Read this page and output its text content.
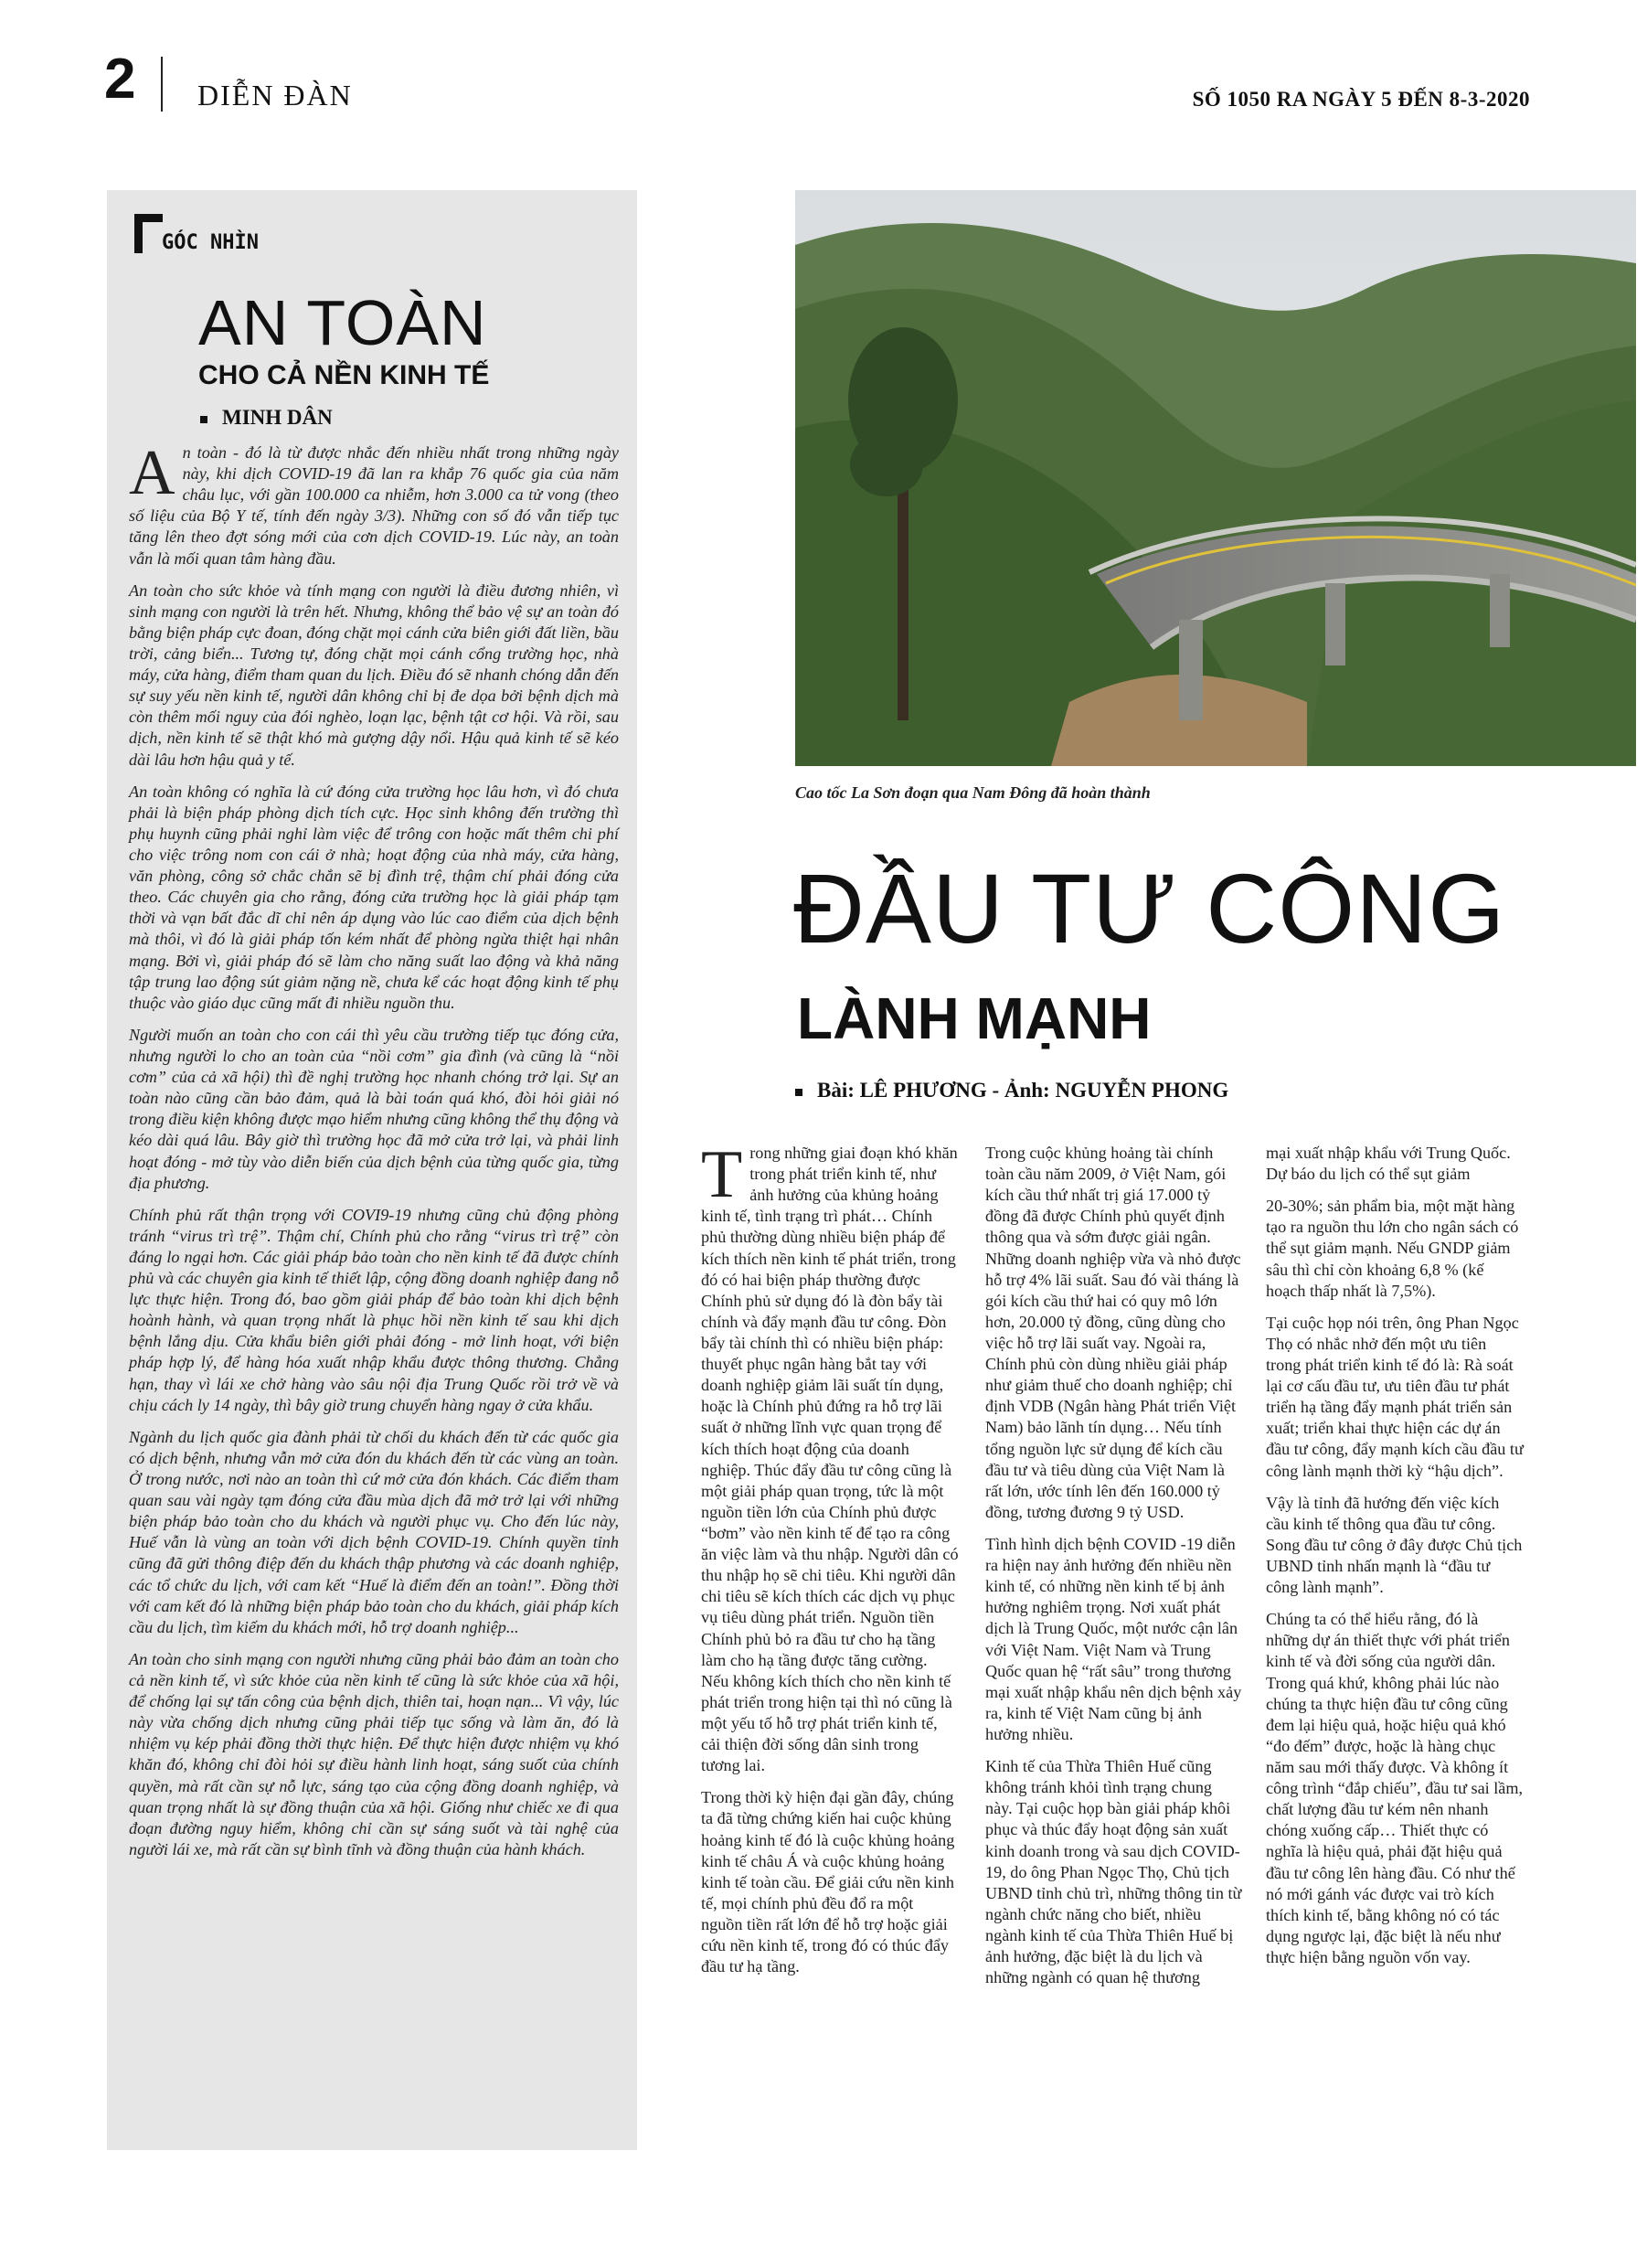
2 DIỄN ĐÀN	SỐ 1050 RA NGÀY 5 ĐẾN 8-3-2020
GÓC NHÌN
AN TOÀN
CHO CẢ NỀN KINH TẾ
MINH DÂN

An toàn - đó là từ được nhắc đến nhiều nhất trong những ngày này, khi dịch COVID-19 đã lan ra khắp 76 quốc gia của năm châu lục, với gần 100.000 ca nhiễm, hơn 3.000 ca tử vong (theo số liệu của Bộ Y tế, tính đến ngày 3/3). Những con số đó vẫn tiếp tục tăng lên theo đợt sóng mới của cơn dịch COVID-19. Lúc này, an toàn vẫn là mối quan tâm hàng đầu.

An toàn cho sức khỏe và tính mạng con người là điều đương nhiên, vì sinh mạng con người là trên hết. Nhưng, không thể bảo vệ sự an toàn đó bằng biện pháp cực đoan, đóng chặt mọi cánh cửa biên giới đất liền, bầu trời, cảng biển... Tương tự, đóng chặt mọi cánh cổng trường học, nhà máy, cửa hàng, điểm tham quan du lịch. Điều đó sẽ nhanh chóng dẫn đến sự suy yếu nền kinh tế, người dân không chỉ bị đe dọa bởi bệnh dịch mà còn thêm mối nguy của đói nghèo, loạn lạc, bệnh tật cơ hội. Và rồi, sau dịch, nền kinh tế sẽ thật khó mà gượng dậy nổi. Hậu quả kinh tế sẽ kéo dài lâu hơn hậu quả y tế.

An toàn không có nghĩa là cứ đóng cửa trường học lâu hơn, vì đó chưa phải là biện pháp phòng dịch tích cực. Học sinh không đến trường thì phụ huynh cũng phải nghỉ làm việc để trông con hoặc mất thêm chi phí cho việc trông nom con cái ở nhà; hoạt động của nhà máy, cửa hàng, văn phòng, công sở chắc chắn sẽ bị đình trệ, thậm chí phải đóng cửa theo. Các chuyên gia cho rằng, đóng cửa trường học là giải pháp tạm thời và vạn bất đắc dĩ chỉ nên áp dụng vào lúc cao điểm của dịch bệnh mà thôi, vì đó là giải pháp tốn kém nhất để phòng ngừa thiệt hại nhân mạng. Bởi vì, giải pháp đó sẽ làm cho năng suất lao động và khả năng tập trung lao động sút giảm nặng nề, chưa kể các hoạt động kinh tế phụ thuộc vào giáo dục cũng mất đi nhiều nguồn thu.

Người muốn an toàn cho con cái thì yêu cầu trường tiếp tục đóng cửa, nhưng người lo cho an toàn của “nồi cơm” gia đình (và cũng là “nồi cơm” của cả xã hội) thì đề nghị trường học nhanh chóng trở lại. Sự an toàn nào cũng cần bảo đảm, quả là bài toán quá khó, đòi hỏi giải nó trong điều kiện không được mạo hiểm nhưng cũng không thể thụ động và kéo dài quá lâu. Bây giờ thì trường học đã mở cửa trở lại, và phải linh hoạt đóng - mở tùy vào diễn biến của dịch bệnh của từng quốc gia, từng địa phương.

Chính phủ rất thận trọng với COVI9-19 nhưng cũng chủ động phòng tránh “virus trì trệ”. Thậm chí, Chính phủ cho rằng “virus trì trệ” còn đáng lo ngại hơn. Các giải pháp bảo toàn cho nền kinh tế đã được chính phủ và các chuyên gia kinh tế thiết lập, cộng đồng doanh nghiệp đang nỗ lực thực hiện. Trong đó, bao gồm giải pháp để bảo toàn khi dịch bệnh hoành hành, và quan trọng nhất là phục hồi nền kinh tế sau khi dịch bệnh lắng dịu. Cửa khẩu biên giới phải đóng - mở linh hoạt, với biện pháp hợp lý, để hàng hóa xuất nhập khẩu được thông thương. Chẳng hạn, thay vì lái xe chở hàng vào sâu nội địa Trung Quốc rồi trở về và chịu cách ly 14 ngày, thì bây giờ trung chuyển hàng ngay ở cửa khẩu.

Ngành du lịch quốc gia đành phải từ chối du khách đến từ các quốc gia có dịch bệnh, nhưng vẫn mở cửa đón du khách đến từ các vùng an toàn. Ở trong nước, nơi nào an toàn thì cứ mở cửa đón khách. Các điểm tham quan sau vài ngày tạm đóng cửa đầu mùa dịch đã mở trở lại với những biện pháp bảo toàn cho du khách và người phục vụ. Cho đến lúc này, Huế vẫn là vùng an toàn với dịch bệnh COVID-19. Chính quyền tỉnh cũng đã gửi thông điệp đến du khách thập phương và các doanh nghiệp, các tổ chức du lịch, với cam kết “Huế là điểm đến an toàn!”. Đồng thời với cam kết đó là những biện pháp bảo toàn cho du khách, giải pháp kích cầu du lịch, tìm kiếm du khách mới, hỗ trợ doanh nghiệp...

An toàn cho sinh mạng con người nhưng cũng phải bảo đảm an toàn cho cả nền kinh tế, vì sức khỏe của nền kinh tế cũng là sức khỏe của xã hội, để chống lại sự tấn công của bệnh dịch, thiên tai, hoạn nạn... Vì vậy, lúc này vừa chống dịch nhưng cũng phải tiếp tục sống và làm ăn, đó là nhiệm vụ kép phải đồng thời thực hiện. Để thực hiện được nhiệm vụ khó khăn đó, không chỉ đòi hỏi sự điều hành linh hoạt, sáng suốt của chính quyền, mà rất cần sự nỗ lực, sáng tạo của cộng đồng doanh nghiệp, và quan trọng nhất là sự đồng thuận của xã hội. Giống như chiếc xe đi qua đoạn đường nguy hiểm, không chỉ cần sự sáng suốt và tài nghệ của người lái xe, mà rất cần sự bình tĩnh và đồng thuận của hành khách.

Cao tốc La Sơn đoạn qua Nam Đông đã hoàn thành
ĐẦU TƯ CÔNG
LÀNH MẠNH
Bài: LÊ PHƯƠNG - Ảnh: NGUYỄN PHONG

Trong những giai đoạn khó khăn trong phát triển kinh tế, như ảnh hưởng của khủng hoảng kinh tế, tình trạng trì phát… Chính phủ thường dùng nhiều biện pháp để kích thích nền kinh tế phát triển, trong đó có hai biện pháp thường được Chính phủ sử dụng đó là đòn bẩy tài chính và đẩy mạnh đầu tư công. Đòn bẩy tài chính thì có nhiều biện pháp: thuyết phục ngân hàng bắt tay với doanh nghiệp giảm lãi suất tín dụng, hoặc là Chính phủ đứng ra hỗ trợ lãi suất ở những lĩnh vực quan trọng để kích thích hoạt động của doanh nghiệp. Thúc đẩy đầu tư công cũng là một giải pháp quan trọng, tức là một nguồn tiền lớn của Chính phủ được “bơm” vào nền kinh tế để tạo ra công ăn việc làm và thu nhập. Người dân có thu nhập họ sẽ chi tiêu. Khi người dân chi tiêu sẽ kích thích các dịch vụ phục vụ tiêu dùng phát triển. Nguồn tiền Chính phủ bỏ ra đầu tư cho hạ tầng làm cho hạ tầng được tăng cường. Nếu không kích thích cho nền kinh tế phát triển trong hiện tại thì nó cũng là một yếu tố hỗ trợ phát triển kinh tế, cải thiện đời sống dân sinh trong tương lai.

Trong thời kỳ hiện đại gần đây, chúng ta đã từng chứng kiến hai cuộc khủng hoảng kinh tế đó là cuộc khủng hoảng kinh tế châu Á và cuộc khủng hoảng kinh tế toàn cầu. Để giải cứu nền kinh tế, mọi chính phủ đều đổ ra một nguồn tiền rất lớn để hỗ trợ hoặc giải cứu nền kinh tế, trong đó có thúc đẩy đầu tư hạ tầng.

Trong cuộc khủng hoảng tài chính toàn cầu năm 2009, ở Việt Nam, gói kích cầu thứ nhất trị giá 17.000 tỷ đồng đã được Chính phủ quyết định thông qua và sớm được giải ngân. Những doanh nghiệp vừa và nhỏ được hỗ trợ 4% lãi suất. Sau đó vài tháng là gói kích cầu thứ hai có quy mô lớn hơn, 20.000 tỷ đồng, cũng dùng cho việc hỗ trợ lãi suất vay. Ngoài ra, Chính phủ còn dùng nhiều giải pháp như giảm thuế cho doanh nghiệp; chỉ định VDB (Ngân hàng Phát triển Việt Nam) bảo lãnh tín dụng… Nếu tính tổng nguồn lực sử dụng để kích cầu đầu tư và tiêu dùng của Việt Nam là rất lớn, ước tính lên đến 160.000 tỷ đồng, tương đương 9 tỷ USD.

Tình hình dịch bệnh COVID -19 diễn ra hiện nay ảnh hưởng đến nhiều nền kinh tế, có những nền kinh tế bị ảnh hưởng nghiêm trọng. Nơi xuất phát dịch là Trung Quốc, một nước cận lân với Việt Nam. Việt Nam và Trung Quốc quan hệ “rất sâu” trong thương mại xuất nhập khẩu nên dịch bệnh xảy ra, kinh tế Việt Nam cũng bị ảnh hưởng nhiều.

Kinh tế của Thừa Thiên Huế cũng không tránh khỏi tình trạng chung này. Tại cuộc họp bàn giải pháp khôi phục và thúc đẩy hoạt động sản xuất kinh doanh trong và sau dịch COVID-19, do ông Phan Ngọc Thọ, Chủ tịch UBND tỉnh chủ trì, những thông tin từ ngành chức năng cho biết, nhiều ngành kinh tế của Thừa Thiên Huế bị ảnh hưởng, đặc biệt là du lịch và những ngành có quan hệ thương

mại xuất nhập khẩu với Trung Quốc. Dự báo du lịch có thể sụt giảm

20-30%; sản phẩm bia, một mặt hàng tạo ra nguồn thu lớn cho ngân sách có thể sụt giảm mạnh. Nếu GNDP giảm sâu thì chỉ còn khoảng 6,8 % (kế hoạch thấp nhất là 7,5%).

Tại cuộc họp nói trên, ông Phan Ngọc Thọ có nhắc nhở đến một ưu tiên trong phát triển kinh tế đó là: Rà soát lại cơ cấu đầu tư, ưu tiên đầu tư phát triển hạ tầng đẩy mạnh phát triển sản xuất; triển khai thực hiện các dự án đầu tư công, đẩy mạnh kích cầu đầu tư công lành mạnh thời kỳ “hậu dịch”.

Vậy là tỉnh đã hướng đến việc kích cầu kinh tế thông qua đầu tư công. Song đầu tư công ở đây được Chủ tịch UBND tỉnh nhấn mạnh là “đầu tư công lành mạnh”.

Chúng ta có thể hiểu rằng, đó là những dự án thiết thực với phát triển kinh tế và đời sống của người dân. Trong quá khứ, không phải lúc nào chúng ta thực hiện đầu tư công cũng đem lại hiệu quả, hoặc hiệu quả khó “đo đếm” được, hoặc là hàng chục năm sau mới thấy được. Và không ít công trình “đắp chiếu”, đầu tư sai lầm, chất lượng đầu tư kém nên nhanh chóng xuống cấp… Thiết thực có nghĩa là hiệu quả, phải đặt hiệu quả đầu tư công lên hàng đầu. Có như thế nó mới gánh vác được vai trò kích thích kinh tế, bằng không nó có tác dụng ngược lại, đặc biệt là nếu như thực hiện bằng nguồn vốn vay.
